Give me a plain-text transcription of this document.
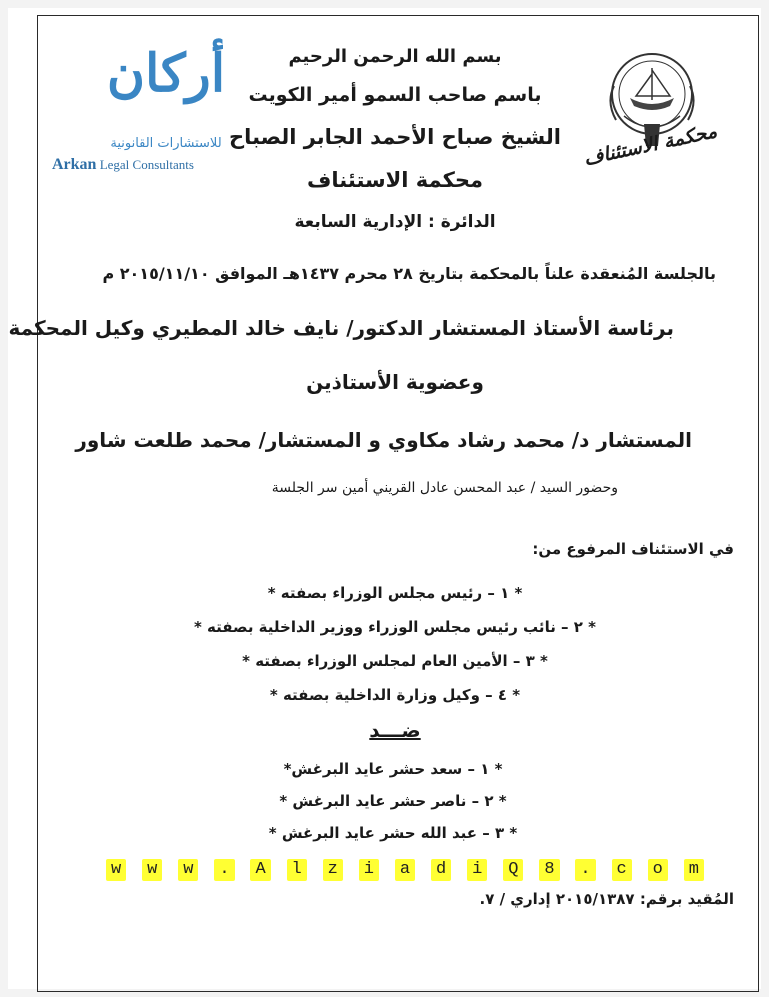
محكمة الاستئناف
أركان
للاستشارات القانونية
Arkan Legal Consultants
بسم الله الرحمن الرحيم
باسم صاحب السمو أمير الكويت
الشيخ صباح الأحمد الجابر الصباح
محكمة الاستئناف
الدائرة : الإدارية السابعة
بالجلسة المُنعقدة علناً بالمحكمة بتاريخ ٢٨ محرم ١٤٣٧هـ الموافق ٢٠١٥/١١/١٠ م
برئاسة الأستاذ المستشار الدكتور/ نايف خالد المطيري وكيل المحكمة
وعضوية الأستاذين
المستشار د/ محمد رشاد مكاوي و المستشار/ محمد طلعت شاور
وحضور السيد / عبد المحسن عادل القريني أمين سر الجلسة
في الاستئناف المرفوع من:
* ١ – رئيس مجلس الوزراء بصفته *
* ٢ – نائب رئيس مجلس الوزراء ووزير الداخلية بصفته *
* ٣ – الأمين العام لمجلس الوزراء بصفته *
* ٤ – وكيل وزارة الداخلية بصفته *
ضـــد
* ١ – سعد حشر عايد البرغش*
* ٢ – ناصر حشر عايد البرغش *
* ٣ – عبد الله حشر عايد البرغش *
w w w . A l z i a d i Q 8 . c o m
المُقيد برقم: ٢٠١٥/١٣٨٧ إداري / ٧.
